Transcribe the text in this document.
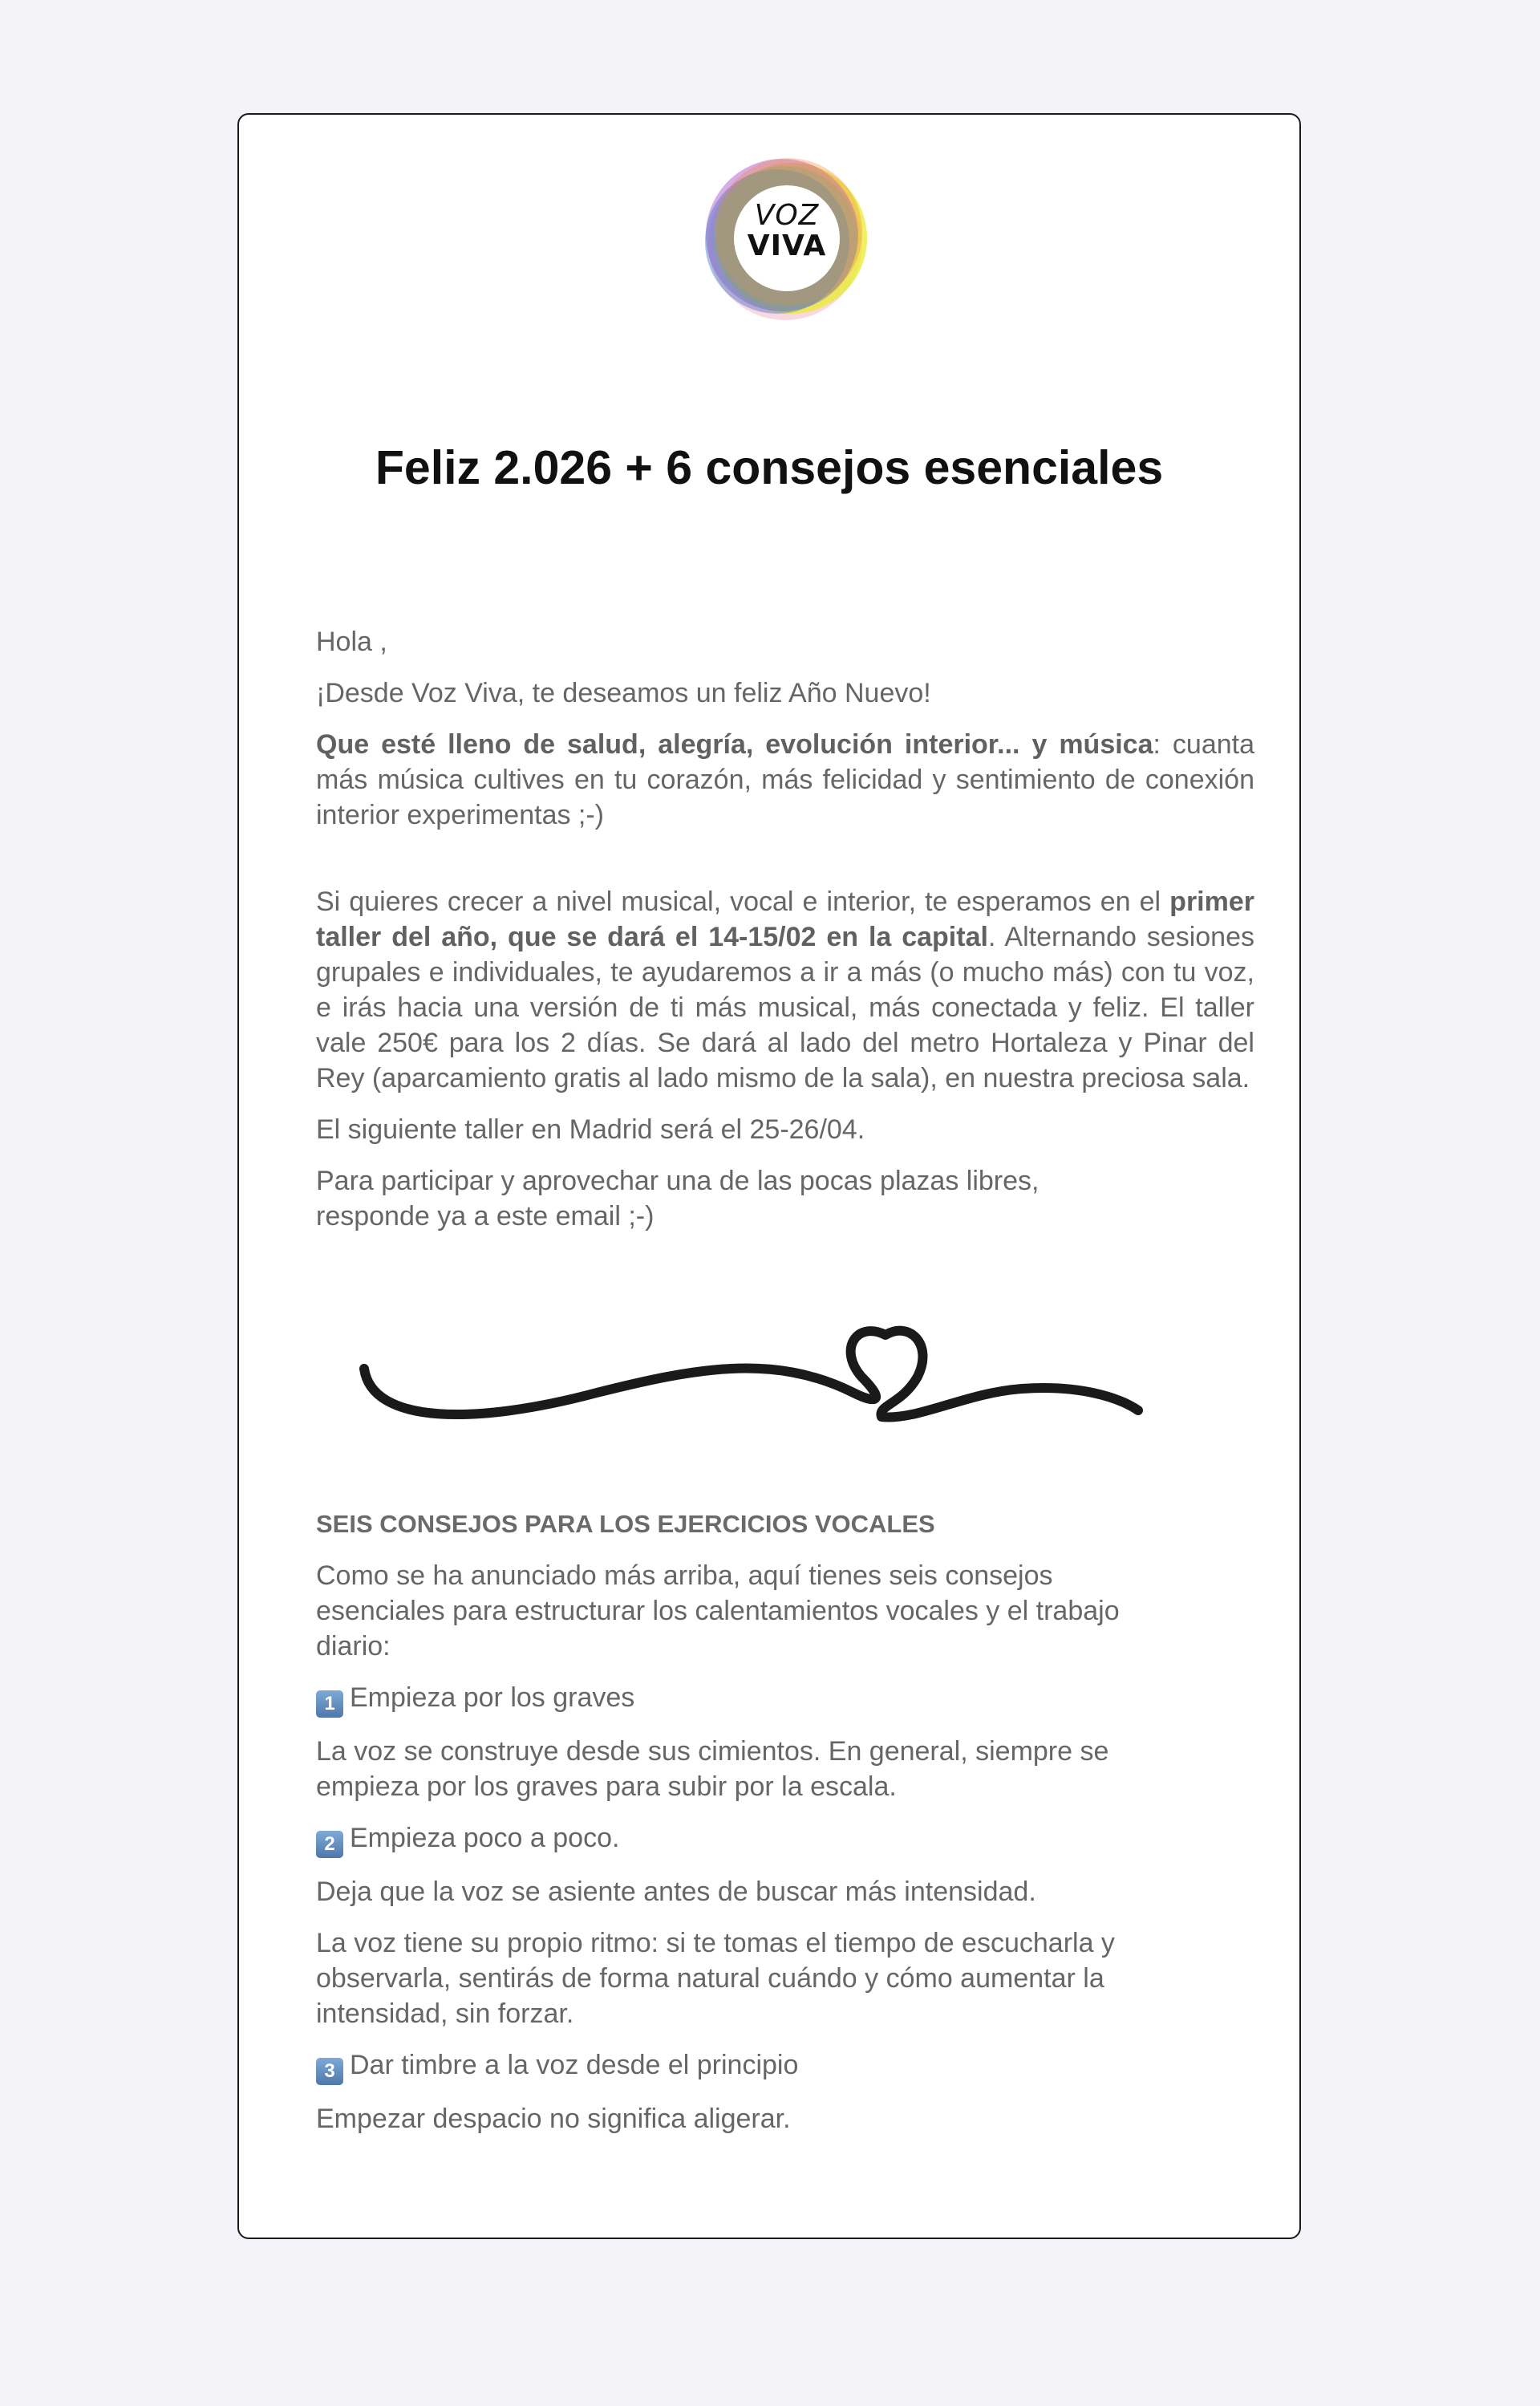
VOZ
VIVA
Feliz 2.026 + 6 consejos esenciales

Hola ,

¡Desde Voz Viva, te deseamos un feliz Año Nuevo!

Que esté lleno de salud, alegría, evolución interior... y música: cuanta más música cultives en tu corazón, más felicidad y sentimiento de conexión interior experimentas ;-)

Si quieres crecer a nivel musical, vocal e interior, te esperamos en el primer taller del año, que se dará el 14-15/02 en la capital. Alternando sesiones grupales e individuales, te ayudaremos a ir a más (o mucho más) con tu voz, e irás hacia una versión de ti más musical, más conectada y feliz. El taller vale 250€ para los 2 días. Se dará al lado del metro Hortaleza y Pinar del Rey (aparcamiento gratis al lado mismo de la sala), en nuestra preciosa sala.

El siguiente taller en Madrid será el 25-26/04.

Para participar y aprovechar una de las pocas plazas libres,
responde ya a este email ;-)

SEIS CONSEJOS PARA LOS EJERCICIOS VOCALES

Como se ha anunciado más arriba, aquí tienes seis consejos
esenciales para estructurar los calentamientos vocales y el trabajo
diario:

1 Empieza por los graves

La voz se construye desde sus cimientos. En general, siempre se
empieza por los graves para subir por la escala.

2 Empieza poco a poco.

Deja que la voz se asiente antes de buscar más intensidad.

La voz tiene su propio ritmo: si te tomas el tiempo de escucharla y
observarla, sentirás de forma natural cuándo y cómo aumentar la
intensidad, sin forzar.

3 Dar timbre a la voz desde el principio

Empezar despacio no significa aligerar.
